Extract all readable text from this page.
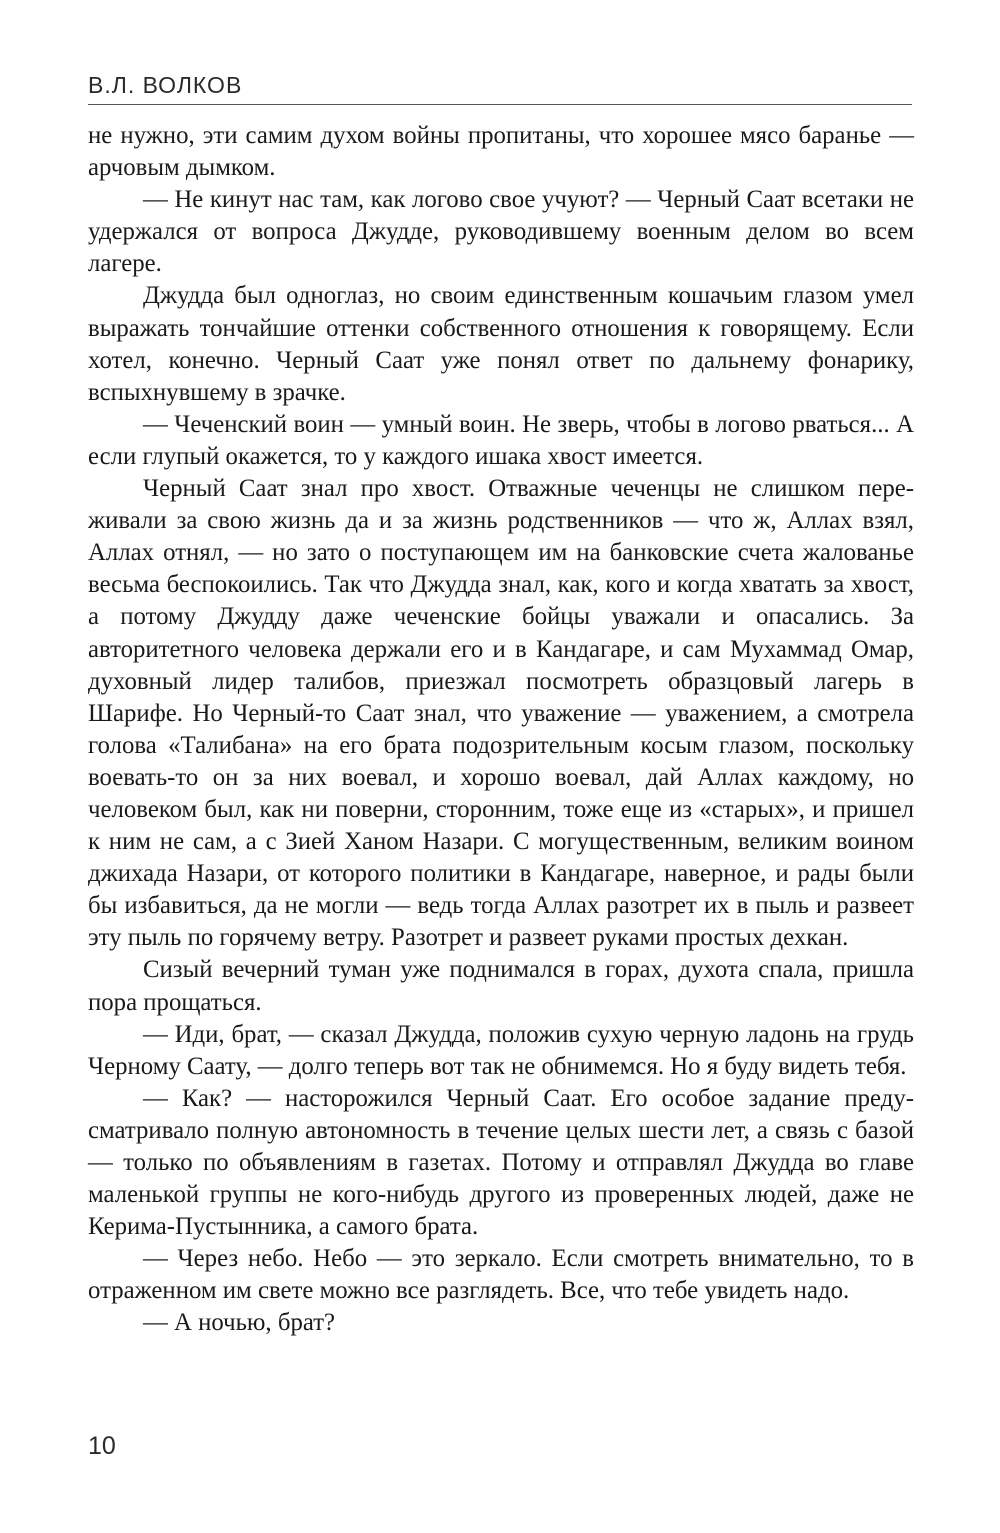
В.Л. ВОЛКОВ

не нужно, эти самим духом войны пропитаны, что хорошее мясо баранье — арчовым дымком.

— Не кинут нас там, как логово свое учуют? — Черный Саат всетаки не удержался от вопроса Джудде, руководившему военным делом во всем лагере.

Джудда был одноглаз, но своим единственным кошачьим глазом умел выражать тончайшие оттенки собственного отношения к говорящему. Если хотел, конечно. Черный Саат уже понял ответ по дальнему фонарику, вспыхнувшему в зрачке.

— Чеченский воин — умный воин. Не зверь, чтобы в логово рваться... А если глупый окажется, то у каждого ишака хвост имеется.

Черный Саат знал про хвост. Отважные чеченцы не слишком переживали за свою жизнь да и за жизнь родственников — что ж, Аллах взял, Аллах отнял, — но зато о поступающем им на банковские счета жалованье весьма беспокоились. Так что Джудда знал, как, кого и когда хватать за хвост, а потому Джудду даже чеченские бойцы уважали и опасались. За авторитетного человека держали его и в Кандагаре, и сам Мухаммад Омар, духовный лидер талибов, приезжал посмотреть образцовый лагерь в Шарифе. Но Черный-то Саат знал, что уважение — уважением, а смотрела голова «Талибана» на его брата подозрительным косым глазом, поскольку воевать-то он за них воевал, и хорошо воевал, дай Аллах каждому, но человеком был, как ни поверни, сторонним, тоже еще из «старых», и пришел к ним не сам, а с Зией Ханом Назари. С могущественным, великим воином джихада Назари, от которого политики в Кандагаре, наверное, и рады были бы избавиться, да не могли — ведь тогда Аллах разотрет их в пыль и развеет эту пыль по горячему ветру. Разотрет и развеет руками простых дехкан.

Сизый вечерний туман уже поднимался в горах, духота спала, пришла пора прощаться.

— Иди, брат, — сказал Джудда, положив сухую черную ладонь на грудь Черному Саату, — долго теперь вот так не обнимемся. Но я буду видеть тебя.

— Как? — насторожился Черный Саат. Его особое задание предусматривало полную автономность в течение целых шести лет, а связь с базой — только по объявлениям в газетах. Потому и отправлял Джудда во главе маленькой группы не кого-нибудь другого из проверенных людей, даже не Керима-Пустынника, а самого брата.

— Через небо. Небо — это зеркало. Если смотреть внимательно, то в отраженном им свете можно все разглядеть. Все, что тебе увидеть надо.

— А ночью, брат?

10
